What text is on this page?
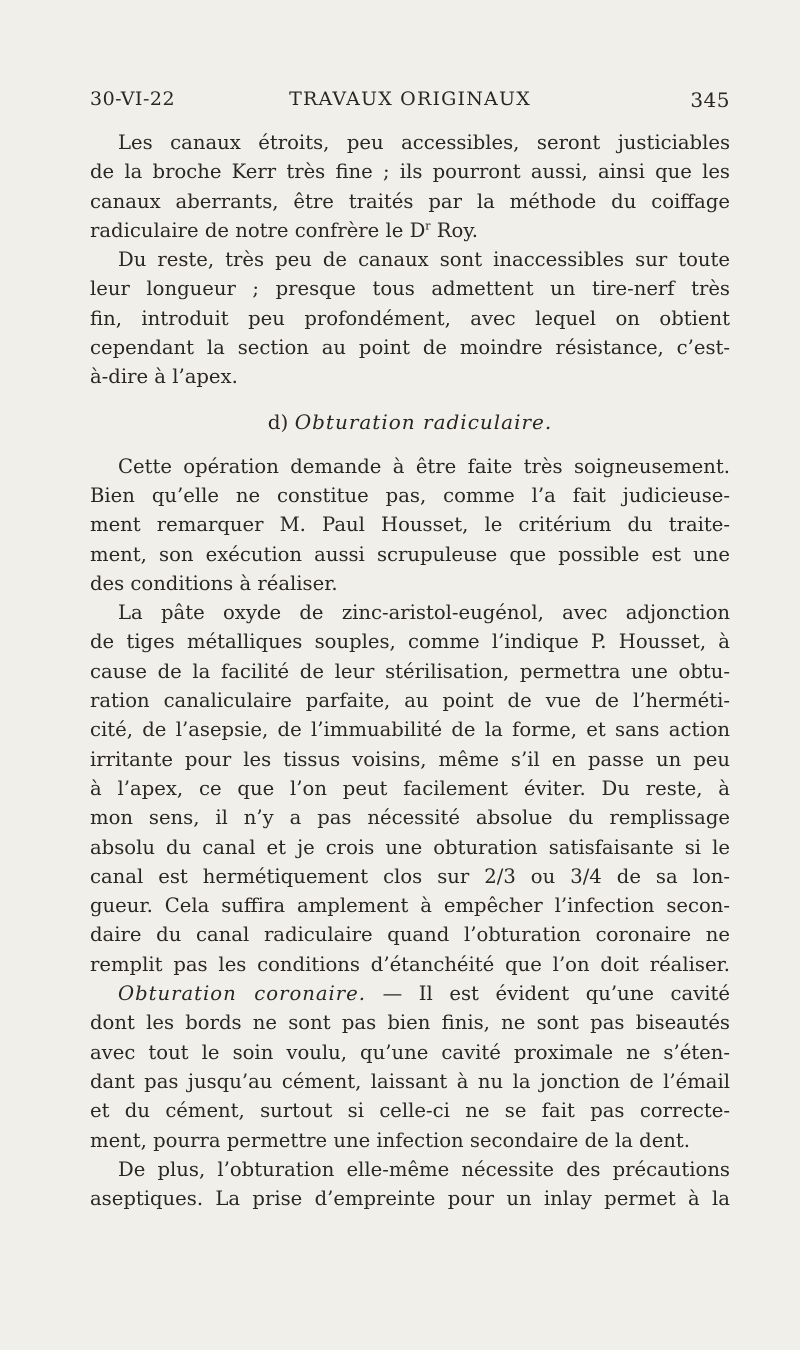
30-VI-22	TRAVAUX ORIGINAUX	345
Les canaux étroits, peu accessibles, seront justiciables
de la broche Kerr très fine ; ils pourront aussi, ainsi que les
canaux aberrants, être traités par la méthode du coiffage
radiculaire de notre confrère le $D^r$ Roy.
Du reste, très peu de canaux sont inaccessibles sur toute
leur longueur ; presque tous admettent un tire-nerf très
fin, introduit peu profondément, avec lequel on obtient
cependant la section au point de moindre résistance, c’est-
à-dire à l’apex.
d) Obturation radiculaire.
Cette opération demande à être faite très soigneusement.
Bien qu’elle ne constitue pas, comme l’a fait judicieuse-
ment remarquer M. Paul Housset, le critérium du traite-
ment, son exécution aussi scrupuleuse que possible est une
des conditions à réaliser.
La pâte oxyde de zinc-aristol-eugénol, avec adjonction
de tiges métalliques souples, comme l’indique P. Housset, à
cause de la facilité de leur stérilisation, permettra une obtu-
ration canaliculaire parfaite, au point de vue de l’herméti-
cité, de l’asepsie, de l’immuabilité de la forme, et sans action
irritante pour les tissus voisins, même s’il en passe un peu
à l’apex, ce que l’on peut facilement éviter. Du reste, à
mon sens, il n’y a pas nécessité absolue du remplissage
absolu du canal et je crois une obturation satisfaisante si le
canal est hermétiquement clos sur 2/3 ou 3/4 de sa lon-
gueur. Cela suffira amplement à empêcher l’infection secon-
daire du canal radiculaire quand l’obturation coronaire ne
remplit pas les conditions d’étanchéité que l’on doit réaliser.
Obturation coronaire. — Il est évident qu’une cavité
dont les bords ne sont pas bien finis, ne sont pas biseautés
avec tout le soin voulu, qu’une cavité proximale ne s’éten-
dant pas jusqu’au cément, laissant à nu la jonction de l’émail
et du cément, surtout si celle-ci ne se fait pas correcte-
ment, pourra permettre une infection secondaire de la dent.
De plus, l’obturation elle-même nécessite des précautions
aseptiques. La prise d’empreinte pour un inlay permet à la
